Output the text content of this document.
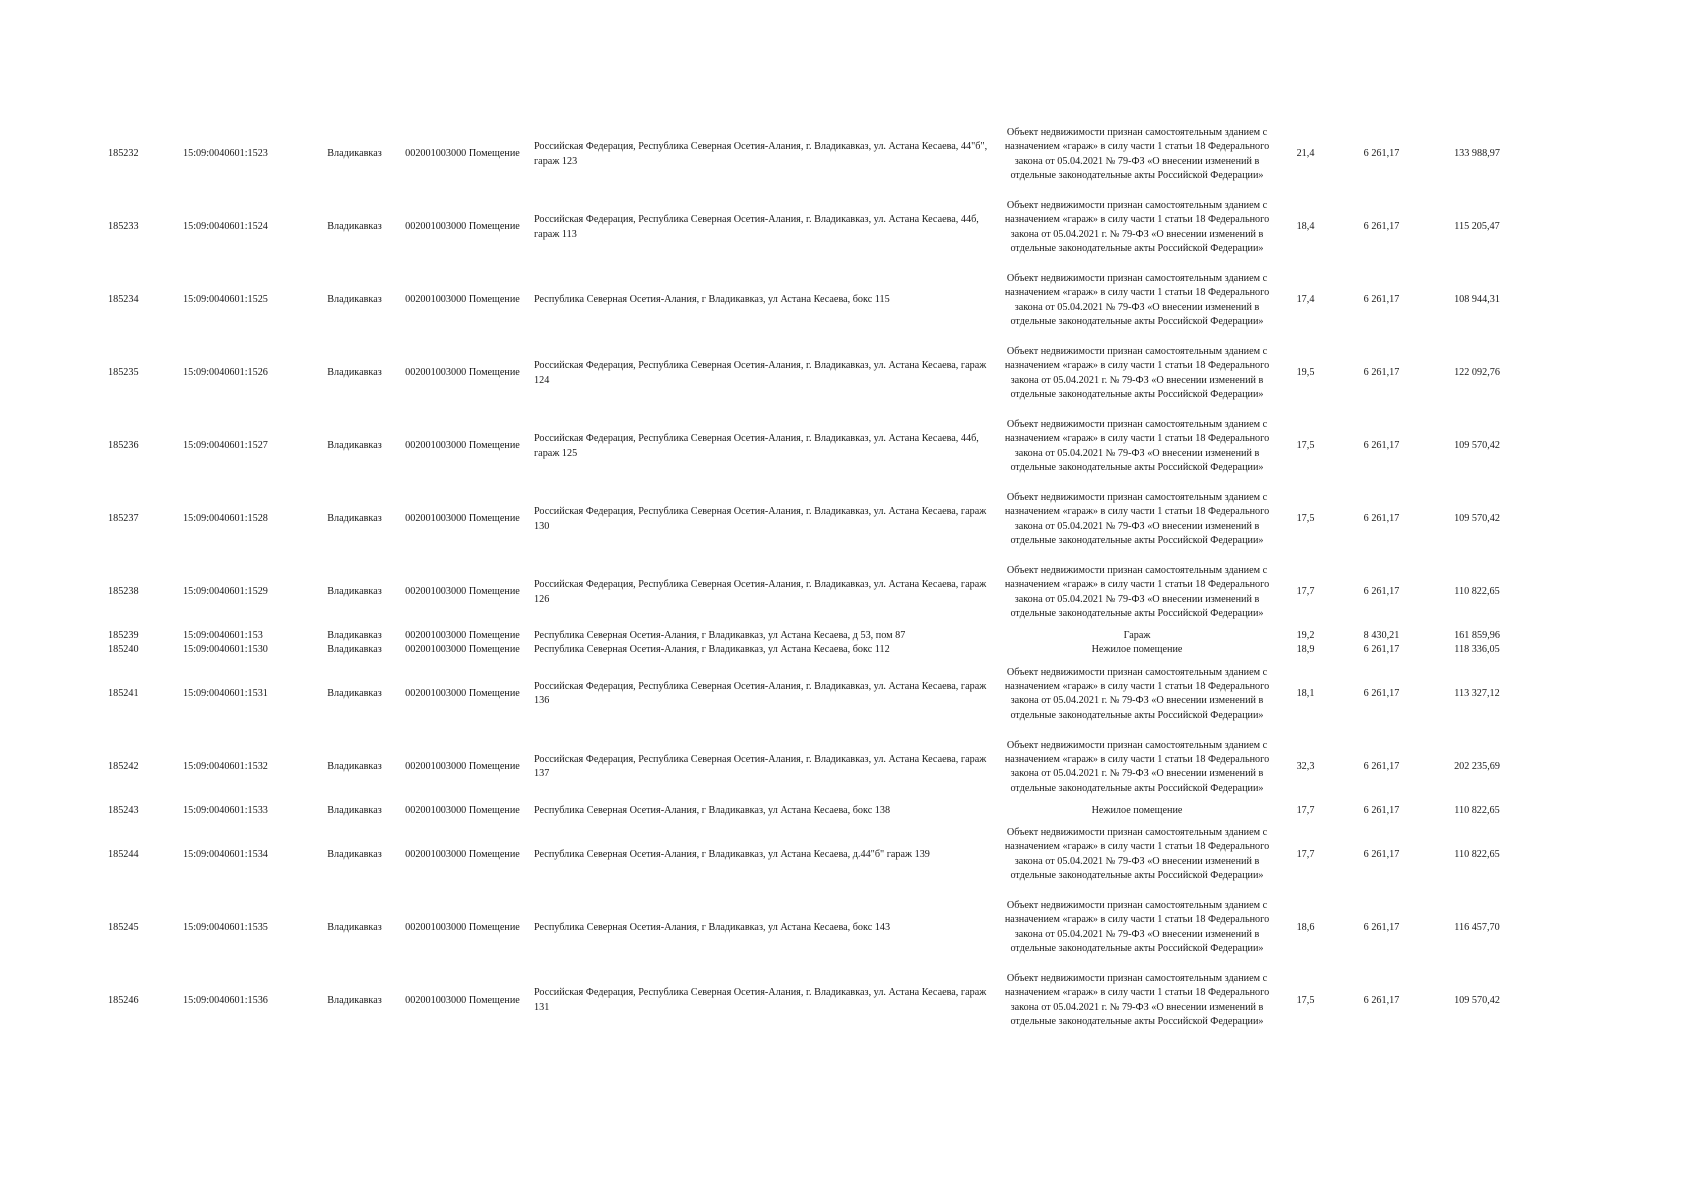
185232	15:09:0040601:1523	Владикавказ	002001003000 Помещение	Российская Федерация, Республика Северная Осетия-Алания, г. Владикавказ, ул. Астана Кесаева, 44"б", гараж 123	Объект недвижимости признан самостоятельным зданием с назначением «гараж» в силу части 1 статьи 18 Федерального закона от 05.04.2021 № 79-ФЗ «О внесении изменений в отдельные законодательные акты Российской Федерации»	21,4	6 261,17	133 988,97
185233	15:09:0040601:1524	Владикавказ	002001003000 Помещение	Российская Федерация, Республика Северная Осетия-Алания, г. Владикавказ, ул. Астана Кесаева, 44б, гараж 113	Объект недвижимости признан самостоятельным зданием с назначением «гараж» в силу части 1 статьи 18 Федерального закона от 05.04.2021 г. № 79-ФЗ «О внесении изменений в отдельные законодательные акты Российской Федерации»	18,4	6 261,17	115 205,47
185234	15:09:0040601:1525	Владикавказ	002001003000 Помещение	Республика Северная Осетия-Алания, г Владикавказ, ул Астана Кесаева, бокс 115	Объект недвижимости признан самостоятельным зданием с назначением «гараж» в силу части 1 статьи 18 Федерального закона от 05.04.2021 № 79-ФЗ «О внесении изменений в отдельные законодательные акты Российской Федерации»	17,4	6 261,17	108 944,31
185235	15:09:0040601:1526	Владикавказ	002001003000 Помещение	Российская Федерация, Республика Северная Осетия-Алания, г. Владикавказ, ул. Астана Кесаева, гараж 124	Объект недвижимости признан самостоятельным зданием с назначением «гараж» в силу части 1 статьи 18 Федерального закона от 05.04.2021 г. № 79-ФЗ «О внесении изменений в отдельные законодательные акты Российской Федерации»	19,5	6 261,17	122 092,76
185236	15:09:0040601:1527	Владикавказ	002001003000 Помещение	Российская Федерация, Республика Северная Осетия-Алания, г. Владикавказ, ул. Астана Кесаева, 44б, гараж 125	Объект недвижимости признан самостоятельным зданием с назначением «гараж» в силу части 1 статьи 18 Федерального закона от 05.04.2021 № 79-ФЗ «О внесении изменений в отдельные законодательные акты Российской Федерации»	17,5	6 261,17	109 570,42
185237	15:09:0040601:1528	Владикавказ	002001003000 Помещение	Российская Федерация, Республика Северная Осетия-Алания, г. Владикавказ, ул. Астана Кесаева, гараж 130	Объект недвижимости признан самостоятельным зданием с назначением «гараж» в силу части 1 статьи 18 Федерального закона от 05.04.2021 № 79-ФЗ «О внесении изменений в отдельные законодательные акты Российской Федерации»	17,5	6 261,17	109 570,42
185238	15:09:0040601:1529	Владикавказ	002001003000 Помещение	Российская Федерация, Республика Северная Осетия-Алания, г. Владикавказ, ул. Астана Кесаева, гараж 126	Объект недвижимости признан самостоятельным зданием с назначением «гараж» в силу части 1 статьи 18 Федерального закона от 05.04.2021 № 79-ФЗ «О внесении изменений в отдельные законодательные акты Российской Федерации»	17,7	6 261,17	110 822,65
185239	15:09:0040601:153	Владикавказ	002001003000 Помещение	Республика Северная Осетия-Алания, г Владикавказ, ул Астана Кесаева, д 53, пом 87	Гараж	19,2	8 430,21	161 859,96
185240	15:09:0040601:1530	Владикавказ	002001003000 Помещение	Республика Северная Осетия-Алания, г Владикавказ, ул Астана Кесаева, бокс 112	Нежилое помещение	18,9	6 261,17	118 336,05
185241	15:09:0040601:1531	Владикавказ	002001003000 Помещение	Российская Федерация, Республика Северная Осетия-Алания, г. Владикавказ, ул. Астана Кесаева, гараж 136	Объект недвижимости признан самостоятельным зданием с назначением «гараж» в силу части 1 статьи 18 Федерального закона от 05.04.2021 г. № 79-ФЗ «О внесении изменений в отдельные законодательные акты Российской Федерации»	18,1	6 261,17	113 327,12
185242	15:09:0040601:1532	Владикавказ	002001003000 Помещение	Российская Федерация, Республика Северная Осетия-Алания, г. Владикавказ, ул. Астана Кесаева, гараж 137	Объект недвижимости признан самостоятельным зданием с назначением «гараж» в силу части 1 статьи 18 Федерального закона от 05.04.2021 г. № 79-ФЗ «О внесении изменений в отдельные законодательные акты Российской Федерации»	32,3	6 261,17	202 235,69
185243	15:09:0040601:1533	Владикавказ	002001003000 Помещение	Республика Северная Осетия-Алания, г Владикавказ, ул Астана Кесаева, бокс 138	Нежилое помещение	17,7	6 261,17	110 822,65
185244	15:09:0040601:1534	Владикавказ	002001003000 Помещение	Республика Северная Осетия-Алания, г Владикавказ, ул Астана Кесаева, д.44"б" гараж 139	Объект недвижимости признан самостоятельным зданием с назначением «гараж» в силу части 1 статьи 18 Федерального закона от 05.04.2021 № 79-ФЗ «О внесении изменений в отдельные законодательные акты Российской Федерации»	17,7	6 261,17	110 822,65
185245	15:09:0040601:1535	Владикавказ	002001003000 Помещение	Республика Северная Осетия-Алания, г Владикавказ, ул Астана Кесаева, бокс 143	Объект недвижимости признан самостоятельным зданием с назначением «гараж» в силу части 1 статьи 18 Федерального закона от 05.04.2021 № 79-ФЗ «О внесении изменений в отдельные законодательные акты Российской Федерации»	18,6	6 261,17	116 457,70
185246	15:09:0040601:1536	Владикавказ	002001003000 Помещение	Российская Федерация, Республика Северная Осетия-Алания, г. Владикавказ, ул. Астана Кесаева, гараж 131	Объект недвижимости признан самостоятельным зданием с назначением «гараж» в силу части 1 статьи 18 Федерального закона от 05.04.2021 г. № 79-ФЗ «О внесении изменений в отдельные законодательные акты Российской Федерации»	17,5	6 261,17	109 570,42
